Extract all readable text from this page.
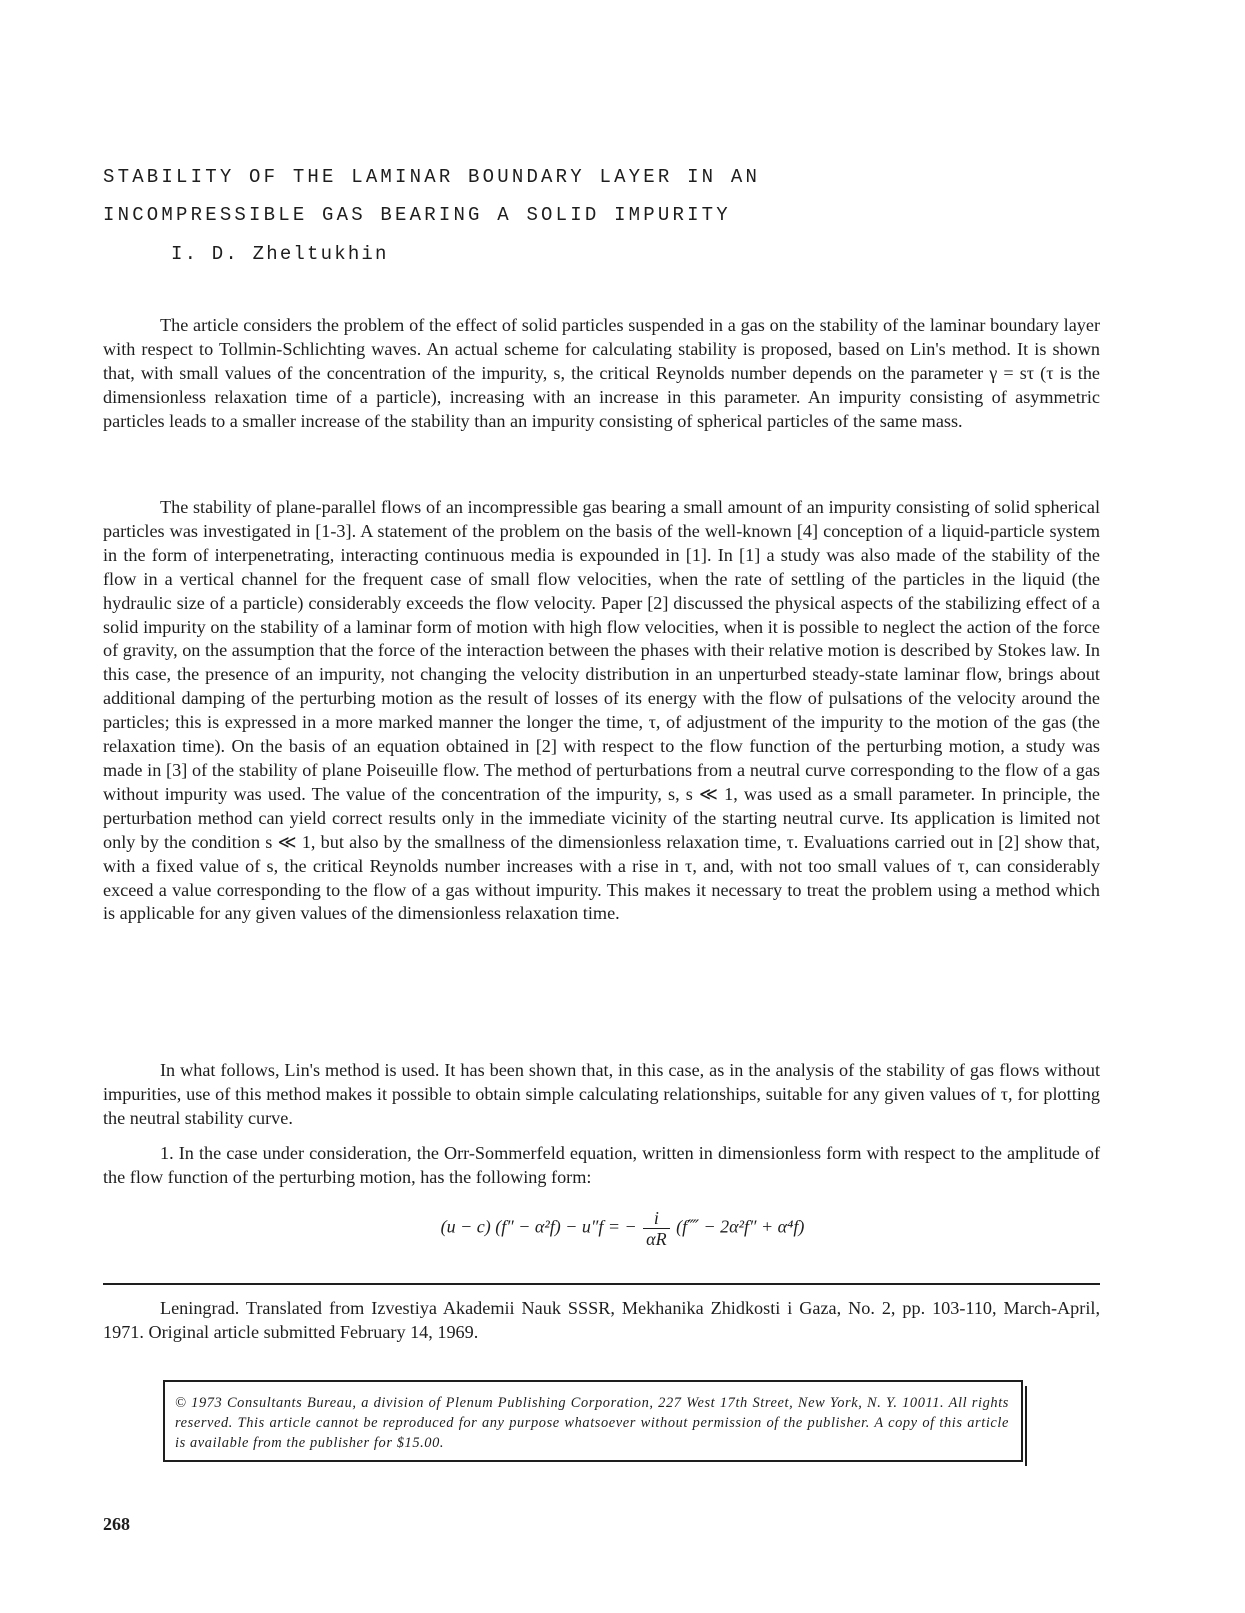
STABILITY OF THE LAMINAR BOUNDARY LAYER IN AN
INCOMPRESSIBLE GAS BEARING A SOLID IMPURITY
I. D. Zheltukhin

The article considers the problem of the effect of solid particles suspended in a gas on the stability of the laminar boundary layer with respect to Tollmin-Schlichting waves. An actual scheme for calculating stability is proposed, based on Lin's method. It is shown that, with small values of the concentration of the impurity, s, the critical Reynolds number depends on the parameter γ = sτ (τ is the dimensionless relaxation time of a particle), increasing with an increase in this parameter. An impurity consisting of asymmetric particles leads to a smaller increase of the stability than an impurity consisting of spherical particles of the same mass.

The stability of plane-parallel flows of an incompressible gas bearing a small amount of an impurity consisting of solid spherical particles was investigated in [1-3]. A statement of the problem on the basis of the well-known [4] conception of a liquid-particle system in the form of interpenetrating, interacting continuous media is expounded in [1]. In [1] a study was also made of the stability of the flow in a vertical channel for the frequent case of small flow velocities, when the rate of settling of the particles in the liquid (the hydraulic size of a particle) considerably exceeds the flow velocity. Paper [2] discussed the physical aspects of the stabilizing effect of a solid impurity on the stability of a laminar form of motion with high flow velocities, when it is possible to neglect the action of the force of gravity, on the assumption that the force of the interaction between the phases with their relative motion is described by Stokes law. In this case, the presence of an impurity, not changing the velocity distribution in an unperturbed steady-state laminar flow, brings about additional damping of the perturbing motion as the result of losses of its energy with the flow of pulsations of the velocity around the particles; this is expressed in a more marked manner the longer the time, τ, of adjustment of the impurity to the motion of the gas (the relaxation time). On the basis of an equation obtained in [2] with respect to the flow function of the perturbing motion, a study was made in [3] of the stability of plane Poiseuille flow. The method of perturbations from a neutral curve corresponding to the flow of a gas without impurity was used. The value of the concentration of the impurity, s, s ≪ 1, was used as a small parameter. In principle, the perturbation method can yield correct results only in the immediate vicinity of the starting neutral curve. Its application is limited not only by the condition s ≪ 1, but also by the smallness of the dimensionless relaxation time, τ. Evaluations carried out in [2] show that, with a fixed value of s, the critical Reynolds number increases with a rise in τ, and, with not too small values of τ, can considerably exceed a value corresponding to the flow of a gas without impurity. This makes it necessary to treat the problem using a method which is applicable for any given values of the dimensionless relaxation time.

In what follows, Lin's method is used. It has been shown that, in this case, as in the analysis of the stability of gas flows without impurities, use of this method makes it possible to obtain simple calculating relationships, suitable for any given values of τ, for plotting the neutral stability curve.

1. In the case under consideration, the Orr-Sommerfeld equation, written in dimensionless form with respect to the amplitude of the flow function of the perturbing motion, has the following form:

(u − c) (f″ − α²f) − u″f = − $\frac{i}{\alpha R}$ (f⁗ − 2α²f″ + α⁴f)

Leningrad. Translated from Izvestiya Akademii Nauk SSSR, Mekhanika Zhidkosti i Gaza, No. 2, pp. 103-110, March-April, 1971. Original article submitted February 14, 1969.

© 1973 Consultants Bureau, a division of Plenum Publishing Corporation, 227 West 17th Street, New York, N. Y. 10011. All rights reserved. This article cannot be reproduced for any purpose whatsoever without permission of the publisher. A copy of this article is available from the publisher for $15.00.
268
